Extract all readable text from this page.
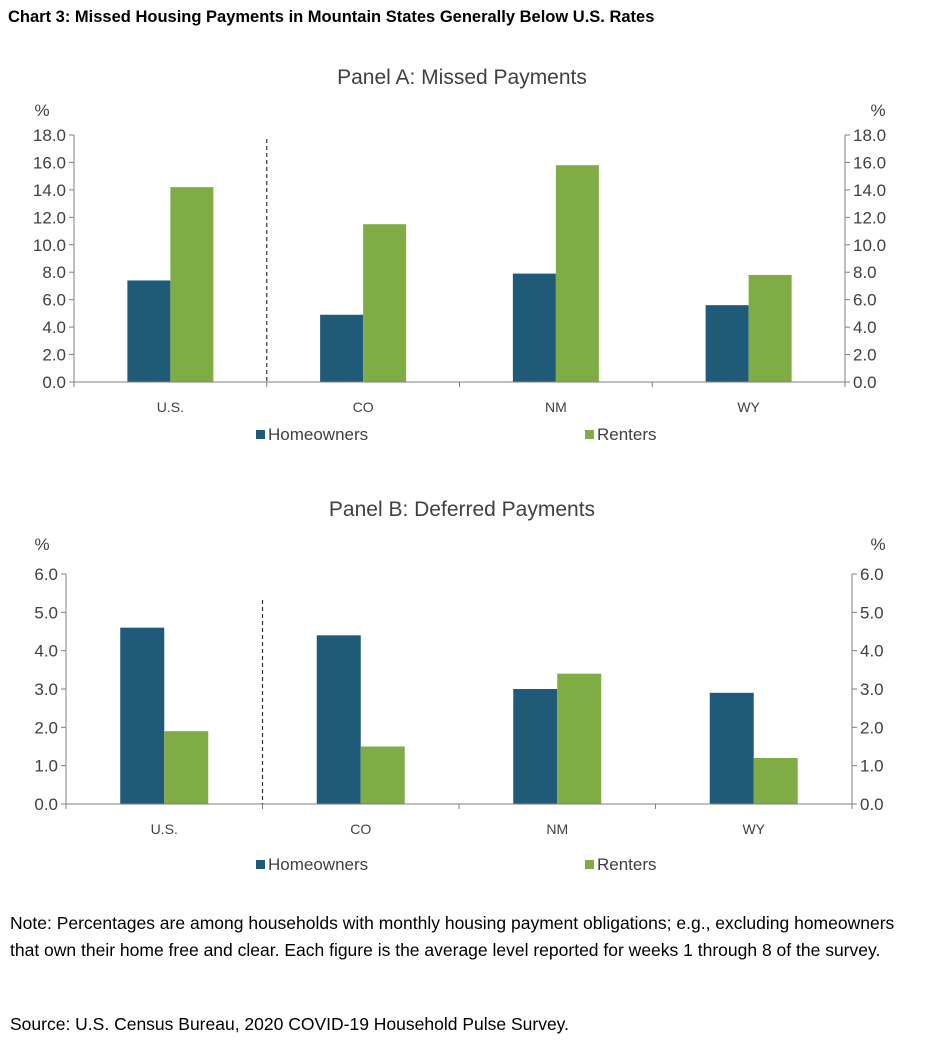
Chart 3: Missed Housing Payments in Mountain States Generally Below U.S. Rates
Panel A: Missed Payments
%	%
0.0	0.0
2.0	2.0
4.0	4.0
6.0	6.0
8.0	8.0
10.0	10.0
12.0	12.0
14.0	14.0
16.0	16.0
18.0	18.0
U.S.	CO	NM	WY
Homeowners	Renters
Panel B: Deferred Payments
%	%
0.0	0.0
1.0	1.0
2.0	2.0
3.0	3.0
4.0	4.0
5.0	5.0
6.0	6.0
U.S.	CO	NM	WY
Homeowners	Renters
Note: Percentages are among households with monthly housing payment obligations; e.g., excluding homeowners that own their home free and clear. Each figure is the average level reported for weeks 1 through 8 of the survey.
Source: U.S. Census Bureau, 2020 COVID-19 Household Pulse Survey.
